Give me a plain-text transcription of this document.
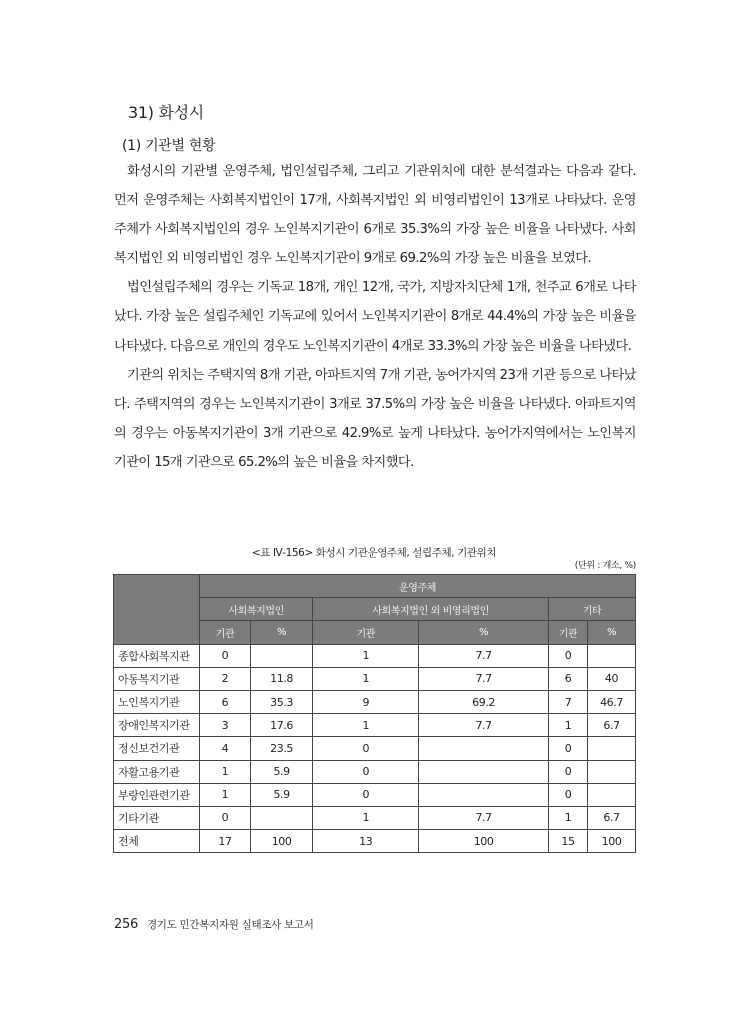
31) 화성시
(1) 기관별 현황

화성시의 기관별 운영주체, 법인설립주체, 그리고 기관위치에 대한 분석결과는 다음과 같다. 먼저 운영주체는 사회복지법인이 17개, 사회복지법인 외 비영리법인이 13개로 나타났다. 운영주체가 사회복지법인의 경우 노인복지기관이 6개로 35.3%의 가장 높은 비율을 나타냈다. 사회복지법인 외 비영리법인 경우 노인복지기관이 9개로 69.2%의 가장 높은 비율을 보였다.

법인설립주체의 경우는 기독교 18개, 개인 12개, 국가, 지방자치단체 1개, 천주교 6개로 나타났다. 가장 높은 설립주체인 기독교에 있어서 노인복지기관이 8개로 44.4%의 가장 높은 비율을 나타냈다. 다음으로 개인의 경우도 노인복지기관이 4개로 33.3%의 가장 높은 비율을 나타냈다.

기관의 위치는 주택지역 8개 기관, 아파트지역 7개 기관, 농어가지역 23개 기관 등으로 나타났다. 주택지역의 경우는 노인복지기관이 3개로 37.5%의 가장 높은 비율을 나타냈다. 아파트지역의 경우는 아동복지기관이 3개 기관으로 42.9%로 높게 나타났다. 농어가지역에서는 노인복지기관이 15개 기관으로 65.2%의 높은 비율을 차지했다.

<표 Ⅳ-156> 화성시 기관운영주체, 설립주체, 기관위치
(단위 : 개소, %)
	운영주체					
	사회복지법인		사회복지법인 외 비영리법인		기타	
	기관	%	기관	%	기관	%
종합사회복지관	0		1	7.7	0	
아동복지기관	2	11.8	1	7.7	6	40
노인복지기관	6	35.3	9	69.2	7	46.7
장애인복지기관	3	17.6	1	7.7	1	6.7
정신보건기관	4	23.5	0		0	
자활고용기관	1	5.9	0		0	
부랑인관련기관	1	5.9	0		0	
기타기관	0		1	7.7	1	6.7
전체	17	100	13	100	15	100
256 경기도 민간복지자원 실태조사 보고서
